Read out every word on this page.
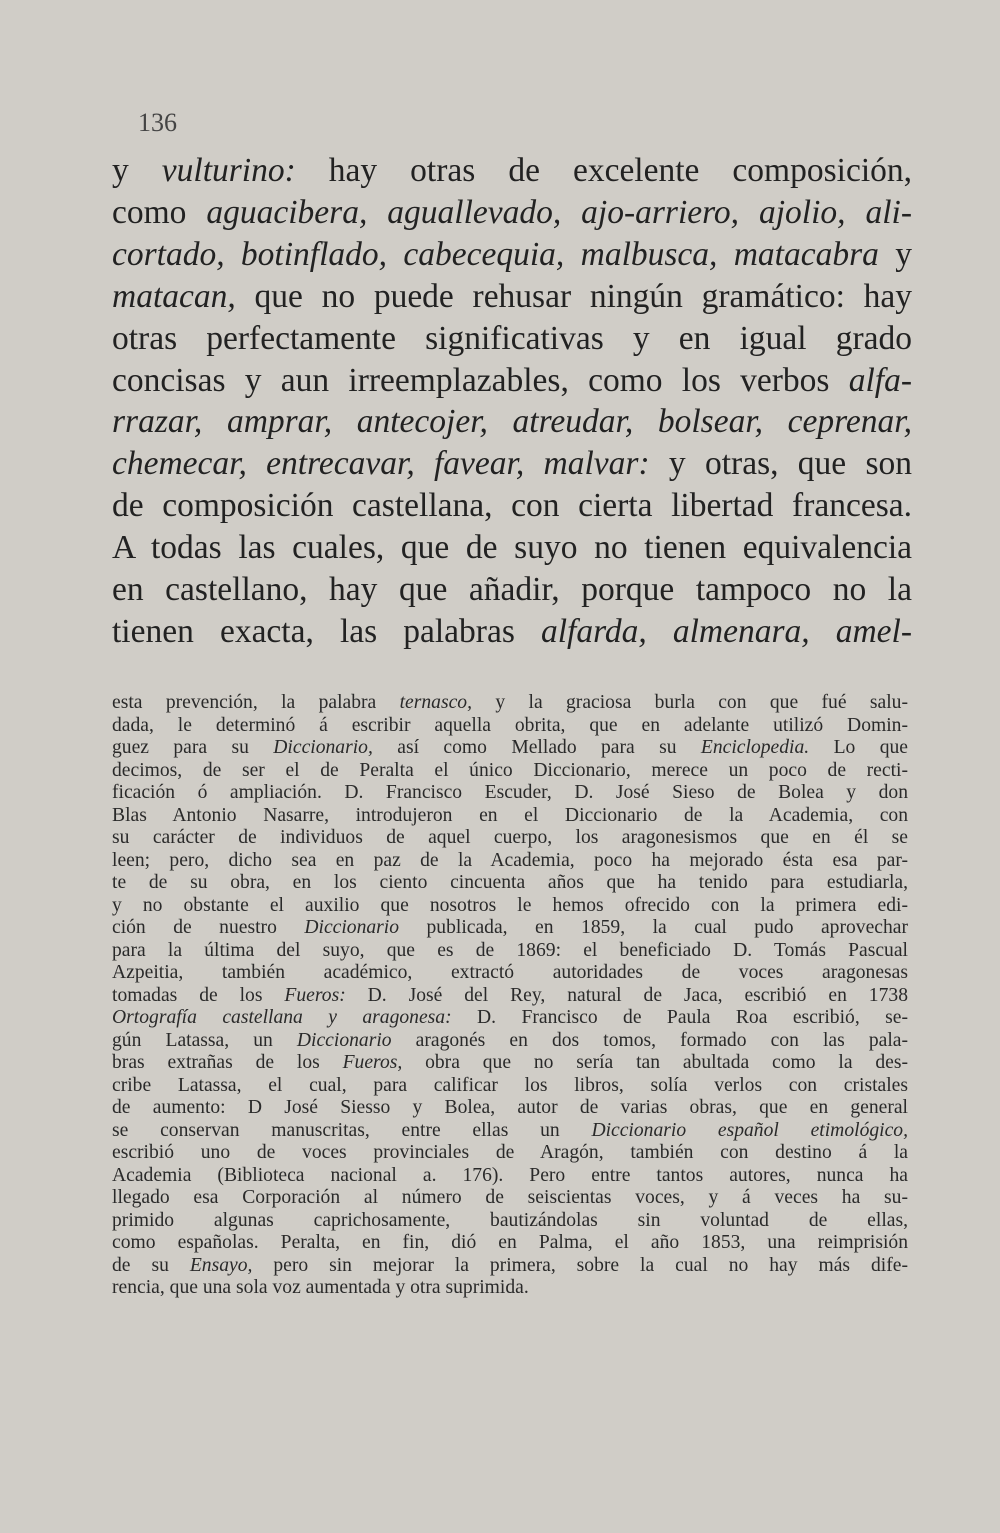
136
y vulturino: hay otras de excelente composición,
como aguacibera, aguallevado, ajo-arriero, ajolio, ali-
cortado, botinflado, cabecequia, malbusca, matacabra y
matacan, que no puede rehusar ningún gramático: hay
otras perfectamente significativas y en igual grado
concisas y aun irreemplazables, como los verbos alfa-
rrazar, amprar, antecojer, atreudar, bolsear, ceprenar,
chemecar, entrecavar, favear, malvar: y otras, que son
de composición castellana, con cierta libertad francesa.
A todas las cuales, que de suyo no tienen equivalencia
en castellano, hay que añadir, porque tampoco no la
tienen exacta, las palabras alfarda, almenara, amel-
esta prevención, la palabra ternasco, y la graciosa burla con que fué salu-
dada, le determinó á escribir aquella obrita, que en adelante utilizó Domin-
guez para su Diccionario, así como Mellado para su Enciclopedia. Lo que
decimos, de ser el de Peralta el único Diccionario, merece un poco de recti-
ficación ó ampliación. D. Francisco Escuder, D. José Sieso de Bolea y don
Blas Antonio Nasarre, introdujeron en el Diccionario de la Academia, con
su carácter de individuos de aquel cuerpo, los aragonesismos que en él se
leen; pero, dicho sea en paz de la Academia, poco ha mejorado ésta esa par-
te de su obra, en los ciento cincuenta años que ha tenido para estudiarla,
y no obstante el auxilio que nosotros le hemos ofrecido con la primera edi-
ción de nuestro Diccionario publicada, en 1859, la cual pudo aprovechar
para la última del suyo, que es de 1869: el beneficiado D. Tomás Pascual
Azpeitia, también académico, extractó autoridades de voces aragonesas
tomadas de los Fueros: D. José del Rey, natural de Jaca, escribió en 1738
Ortografía castellana y aragonesa: D. Francisco de Paula Roa escribió, se-
gún Latassa, un Diccionario aragonés en dos tomos, formado con las pala-
bras extrañas de los Fueros, obra que no sería tan abultada como la des-
cribe Latassa, el cual, para calificar los libros, solía verlos con cristales
de aumento: D José Siesso y Bolea, autor de varias obras, que en general
se conservan manuscritas, entre ellas un Diccionario español etimológico,
escribió uno de voces provinciales de Aragón, también con destino á la
Academia (Biblioteca nacional a. 176). Pero entre tantos autores, nunca ha
llegado esa Corporación al número de seiscientas voces, y á veces ha su-
primido algunas caprichosamente, bautizándolas sin voluntad de ellas,
como españolas. Peralta, en fin, dió en Palma, el año 1853, una reimprisión
de su Ensayo, pero sin mejorar la primera, sobre la cual no hay más dife-
rencia, que una sola voz aumentada y otra suprimida.
